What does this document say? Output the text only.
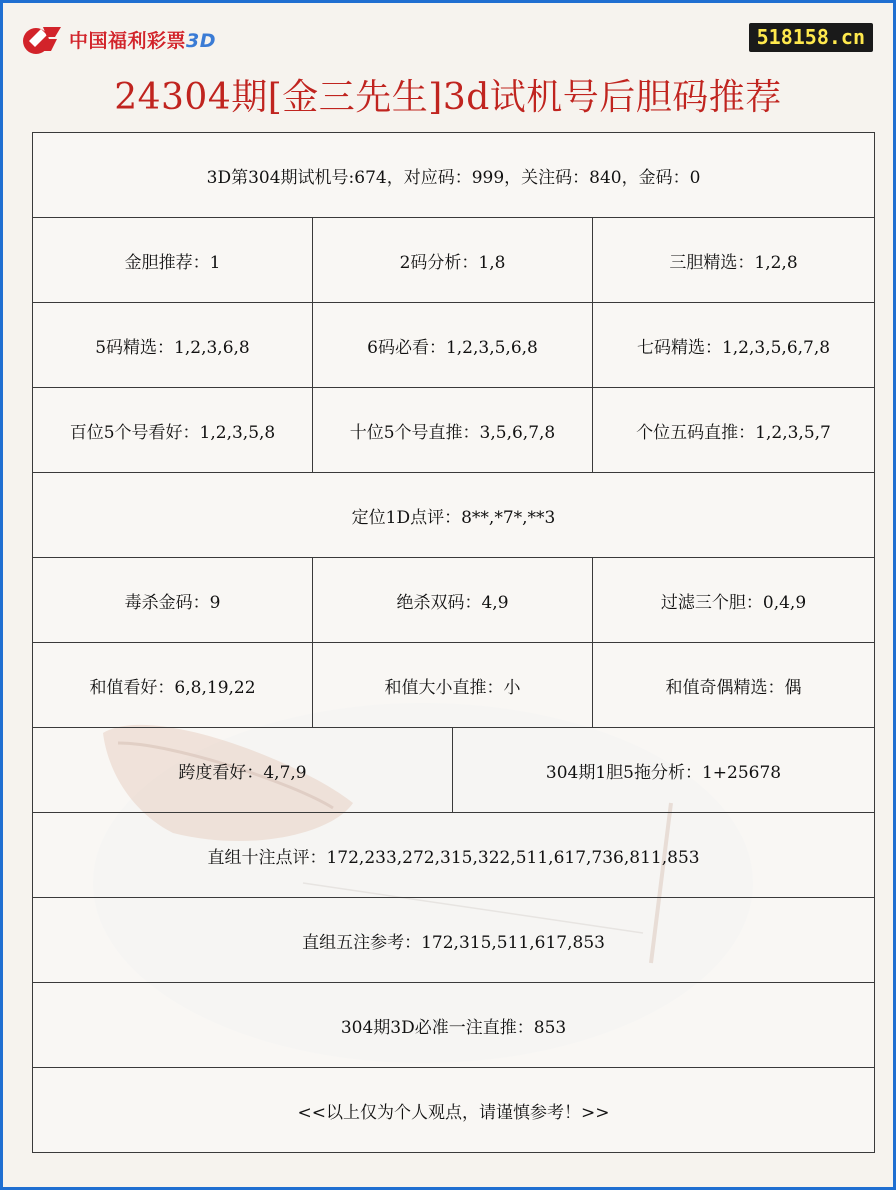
中国福利彩票3D	518158.cn
24304期[金三先生]3d试机号后胆码推荐
3D第304期试机号:674，对应码：999，关注码：840，金码：0			
金胆推荐：1	2码分析：1,8		三胆精选：1,2,8
5码精选：1,2,3,6,8	6码必看：1,2,3,5,6,8		七码精选：1,2,3,5,6,7,8
百位5个号看好：1,2,3,5,8	十位5个号直推：3,5,6,7,8		个位五码直推：1,2,3,5,7
定位1D点评：8**,*7*,**3			
毒杀金码：9	绝杀双码：4,9		过滤三个胆：0,4,9
和值看好：6,8,19,22	和值大小直推：小		和值奇偶精选：偶
跨度看好：4,7,9		304期1胆5拖分析：1+25678	
直组十注点评：172,233,272,315,322,511,617,736,811,853			
直组五注参考：172,315,511,617,853			
304期3D必准一注直推：853			
<<以上仅为个人观点，请谨慎参考！>>			
